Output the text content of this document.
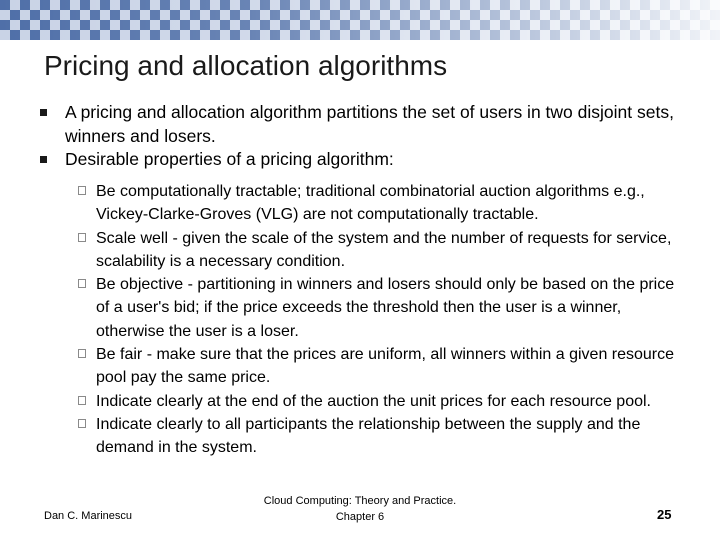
Pricing and allocation algorithms
A pricing and allocation algorithm partitions the set of users in two disjoint sets, winners and losers.
Desirable properties of a pricing algorithm:
Be computationally tractable; traditional combinatorial auction algorithms e.g., Vickey-Clarke-Groves (VLG) are not computationally tractable.
Scale well - given the scale of the system and the number of requests for service, scalability is a necessary condition.
Be objective - partitioning in winners and losers should only be based on the price of a user's bid; if the price exceeds the threshold then the user is a winner, otherwise the user is a loser.
Be fair - make sure that the prices are uniform, all winners within a given resource pool pay the same price.
Indicate clearly at the end of the auction the unit prices for each resource pool.
Indicate clearly to all participants the relationship between the supply and the demand in the system.
Dan C. Marinescu
Cloud Computing: Theory and Practice.
Chapter 6	25
